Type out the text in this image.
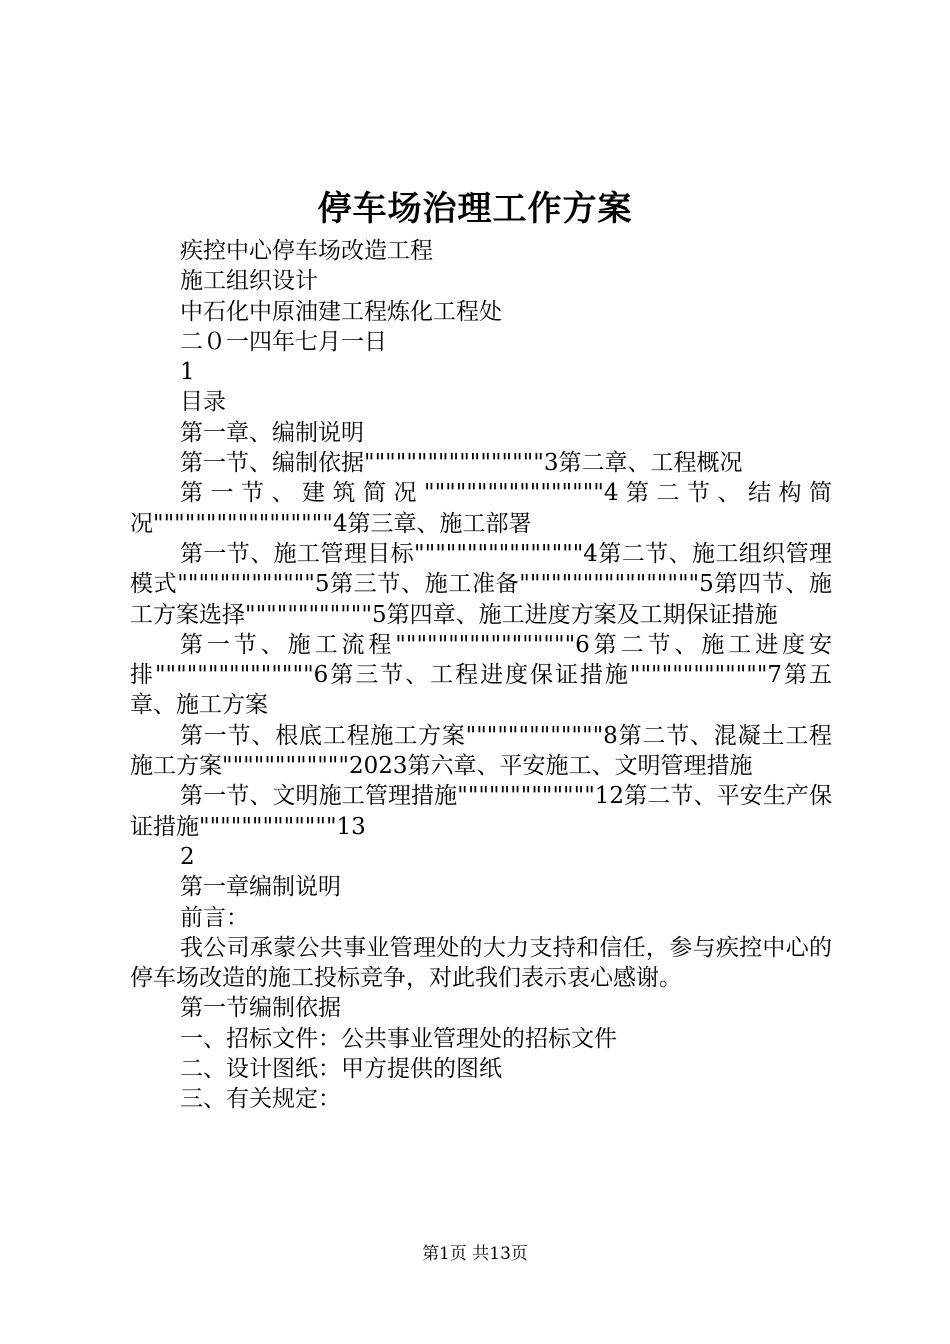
停车场治理工作方案

疾控中心停车场改造工程

施工组织设计

中石化中原油建工程炼化工程处

二０一四年七月一日

1

目录

第一章、编制说明

第一节、编制依据"""""""""""""""""3第二章、工程概况

第一节、建筑简况"""""""""""""""""4第二节、结构简况"""""""""""""""""4第三章、施工部署

第一节、施工管理目标""""""""""""""""4第二节、施工组织管理模式"""""""""""""5第三节、施工准备"""""""""""""""""5第四节、施工方案选择""""""""""""5第四章、施工进度方案及工期保证措施

第一节、施工流程"""""""""""""""""6第二节、施工进度安排"""""""""""""""6第三节、工程进度保证措施"""""""""""""7第五章、施工方案

第一节、根底工程施工方案"""""""""""""8第二节、混凝土工程施工方案""""""""""""2023第六章、平安施工、文明管理措施

第一节、文明施工管理措施"""""""""""""12第二节、平安生产保证措施"""""""""""""13

2

第一章编制说明

前言：

我公司承蒙公共事业管理处的大力支持和信任，参与疾控中心的停车场改造的施工投标竞争，对此我们表示衷心感谢。

第一节编制依据

一、招标文件：公共事业管理处的招标文件

二、设计图纸：甲方提供的图纸

三、有关规定：

第1页 共13页
